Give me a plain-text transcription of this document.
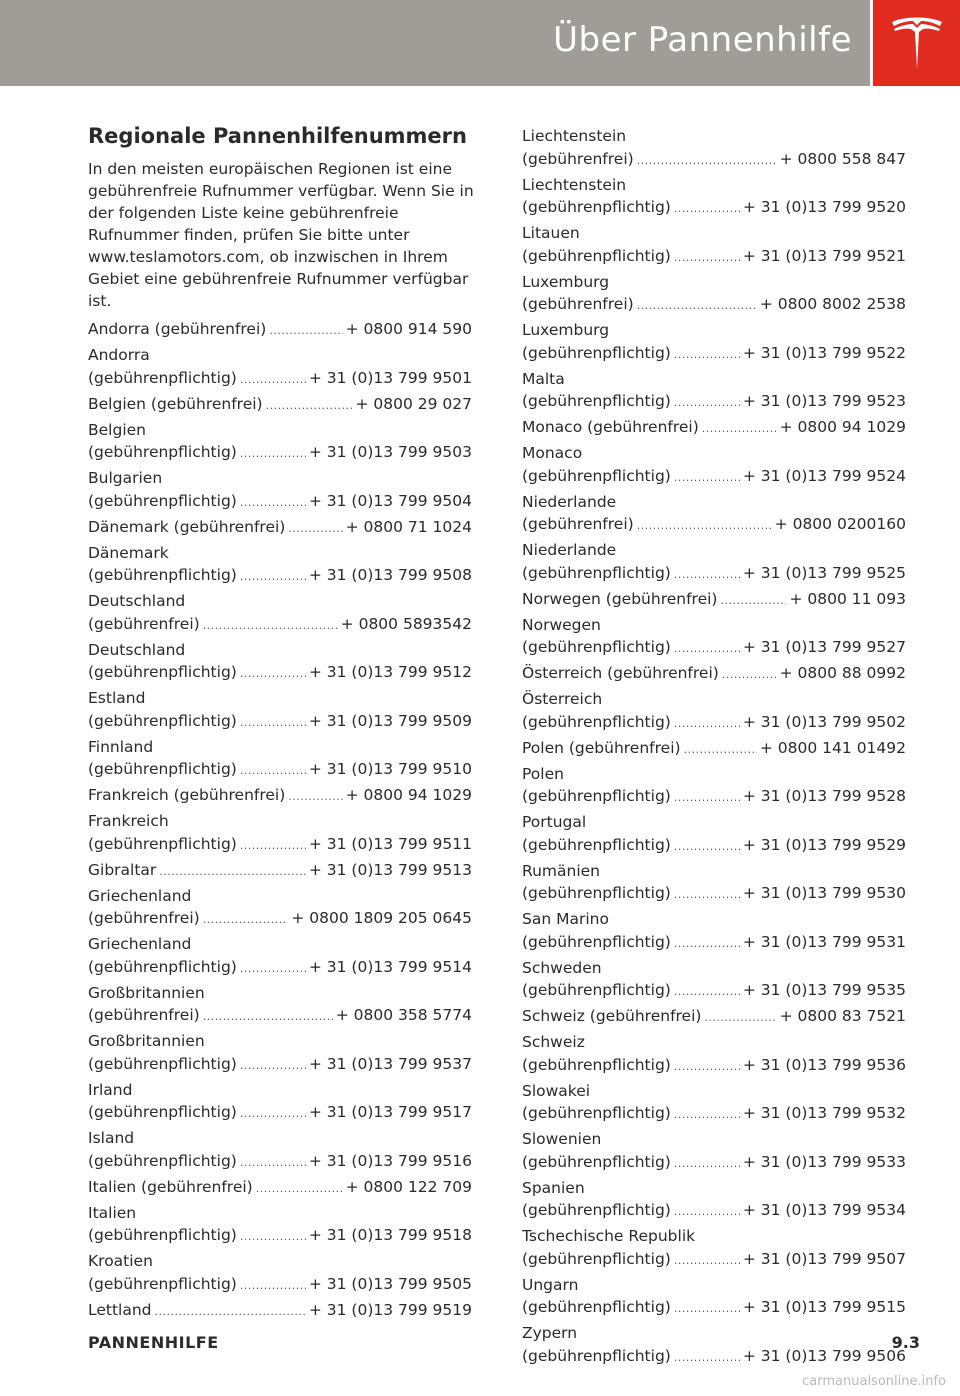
Über Pannenhilfe
Regionale Pannenhilfenummern

In den meisten europäischen Regionen ist eine gebührenfreie Rufnummer verfügbar. Wenn Sie in der folgenden Liste keine gebührenfreie Rufnummer finden, prüfen Sie bitte unter www.teslamotors.com, ob inzwischen in Ihrem Gebiet eine gebührenfreie Rufnummer verfügbar ist.

Andorra (gebührenfrei) .....	+ 0800 914 590
Andorra
(gebührenpflichtig) .....	+ 31 (0)13 799 9501
Belgien (gebührenfrei) .....	+ 0800 29 027
Belgien
(gebührenpflichtig) .....	+ 31 (0)13 799 9503
Bulgarien
(gebührenpflichtig) .....	+ 31 (0)13 799 9504
Dänemark (gebührenfrei) .....	+ 0800 71 1024
Dänemark
(gebührenpflichtig) .....	+ 31 (0)13 799 9508
Deutschland
(gebührenfrei) .....	+ 0800 5893542
Deutschland
(gebührenpflichtig) .....	+ 31 (0)13 799 9512
Estland
(gebührenpflichtig) .....	+ 31 (0)13 799 9509
Finnland
(gebührenpflichtig) .....	+ 31 (0)13 799 9510
Frankreich (gebührenfrei) .....	+ 0800 94 1029
Frankreich
(gebührenpflichtig) .....	+ 31 (0)13 799 9511
Gibraltar .....	+ 31 (0)13 799 9513
Griechenland
(gebührenfrei) .....	+ 0800 1809 205 0645
Griechenland
(gebührenpflichtig) .....	+ 31 (0)13 799 9514
Großbritannien
(gebührenfrei) .....	+ 0800 358 5774
Großbritannien
(gebührenpflichtig) .....	+ 31 (0)13 799 9537
Irland
(gebührenpflichtig) .....	+ 31 (0)13 799 9517
Island
(gebührenpflichtig) .....	+ 31 (0)13 799 9516
Italien (gebührenfrei) .....	+ 0800 122 709
Italien
(gebührenpflichtig) .....	+ 31 (0)13 799 9518
Kroatien
(gebührenpflichtig) .....	+ 31 (0)13 799 9505
Lettland .....	+ 31 (0)13 799 9519
Liechtenstein
(gebührenfrei) .....	+ 0800 558 847
Liechtenstein
(gebührenpflichtig) .....	+ 31 (0)13 799 9520
Litauen
(gebührenpflichtig) .....	+ 31 (0)13 799 9521
Luxemburg
(gebührenfrei) .....	+ 0800 8002 2538
Luxemburg
(gebührenpflichtig) .....	+ 31 (0)13 799 9522
Malta
(gebührenpflichtig) .....	+ 31 (0)13 799 9523
Monaco (gebührenfrei) .....	+ 0800 94 1029
Monaco
(gebührenpflichtig) .....	+ 31 (0)13 799 9524
Niederlande
(gebührenfrei) .....	+ 0800 0200160
Niederlande
(gebührenpflichtig) .....	+ 31 (0)13 799 9525
Norwegen (gebührenfrei) .....	+ 0800 11 093
Norwegen
(gebührenpflichtig) .....	+ 31 (0)13 799 9527
Österreich (gebührenfrei) .....	+ 0800 88 0992
Österreich
(gebührenpflichtig) .....	+ 31 (0)13 799 9502
Polen (gebührenfrei) .....	+ 0800 141 01492
Polen
(gebührenpflichtig) .....	+ 31 (0)13 799 9528
Portugal
(gebührenpflichtig) .....	+ 31 (0)13 799 9529
Rumänien
(gebührenpflichtig) .....	+ 31 (0)13 799 9530
San Marino
(gebührenpflichtig) .....	+ 31 (0)13 799 9531
Schweden
(gebührenpflichtig) .....	+ 31 (0)13 799 9535
Schweiz (gebührenfrei) .....	+ 0800 83 7521
Schweiz
(gebührenpflichtig) .....	+ 31 (0)13 799 9536
Slowakei
(gebührenpflichtig) .....	+ 31 (0)13 799 9532
Slowenien
(gebührenpflichtig) .....	+ 31 (0)13 799 9533
Spanien
(gebührenpflichtig) .....	+ 31 (0)13 799 9534
Tschechische Republik
(gebührenpflichtig) .....	+ 31 (0)13 799 9507
Ungarn
(gebührenpflichtig) .....	+ 31 (0)13 799 9515
Zypern
(gebührenpflichtig) .....	+ 31 (0)13 799 9506
PANNENHILFE	9.3
carmanualsonline.info
